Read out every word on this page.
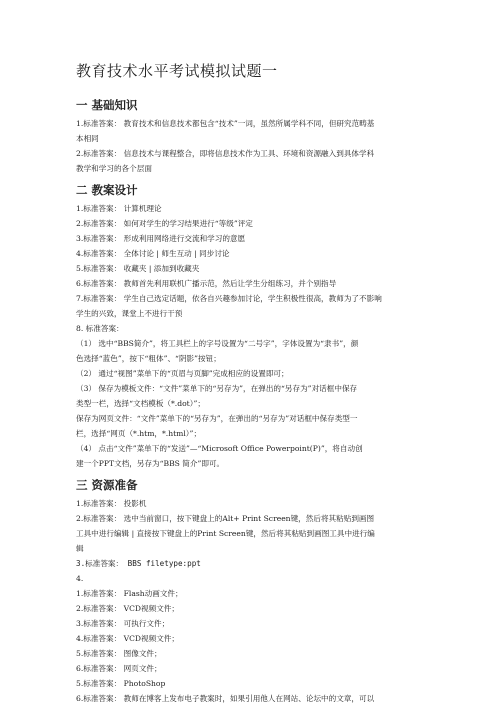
教育技术水平考试模拟试题一
一 基础知识

1.标准答案： 教育技术和信息技术都包含“技术”一词，虽然所属学科不同，但研究范畴基

本相同

2.标准答案： 信息技术与课程整合，即将信息技术作为工具、环境和资源融入到具体学科

教学和学习的各个层面

二 教案设计

1.标准答案： 计算机理论

2.标准答案： 如何对学生的学习结果进行“等级”评定

3.标准答案： 形成利用网络进行交流和学习的意愿

4.标准答案： 全体讨论 | 师生互动 | 同步讨论

5.标准答案： 收藏夹 | 添加到收藏夹

6.标准答案： 教师首先利用联机广播示范，然后让学生分组练习，并个别指导

7.标准答案： 学生自己选定话题，依各自兴趣参加讨论，学生积极性很高，教师为了不影响

学生的兴致，课堂上不进行干预

8. 标准答案：

（1） 选中“BBS简介”，将工具栏上的字号设置为“二号字”，字体设置为“隶书”，颜

色选择“蓝色”，按下“粗体”、“阴影”按钮；

（2） 通过“视图”菜单下的“页眉与页脚”完成相应的设置即可；

（3） 保存为模板文件：“文件”菜单下的“另存为”，在弹出的“另存为”对话框中保存

类型一栏，选择“文档模板（*.dot）”；

保存为网页文件：“文件”菜单下的“另存为”，在弹出的“另存为”对话框中保存类型一

栏，选择“网页（*.htm，*.html）”；

（4） 点击“文件”菜单下的“发送”—“Microsoft Office Powerpoint(P)”，将自动创

建一个PPT文档，另存为“BBS 简介”即可。

三 资源准备

1.标准答案： 投影机

2.标准答案： 选中当前窗口，按下键盘上的Alt+ Print Screen键，然后将其粘贴到画图

工具中进行编辑 | 直接按下键盘上的Print Screen键，然后将其粘贴到画图工具中进行编

辑

3.标准答案： BBS filetype:ppt

4.

1.标准答案： Flash动画文件；

2.标准答案： VCD视频文件；

3.标准答案： 可执行文件；

4.标准答案： VCD视频文件；

5.标准答案： 图像文件；

6.标准答案： 网页文件；

5.标准答案： PhotoShop

6.标准答案： 教师在博客上发布电子教案时，如果引用他人在网站、论坛中的文章，可以
